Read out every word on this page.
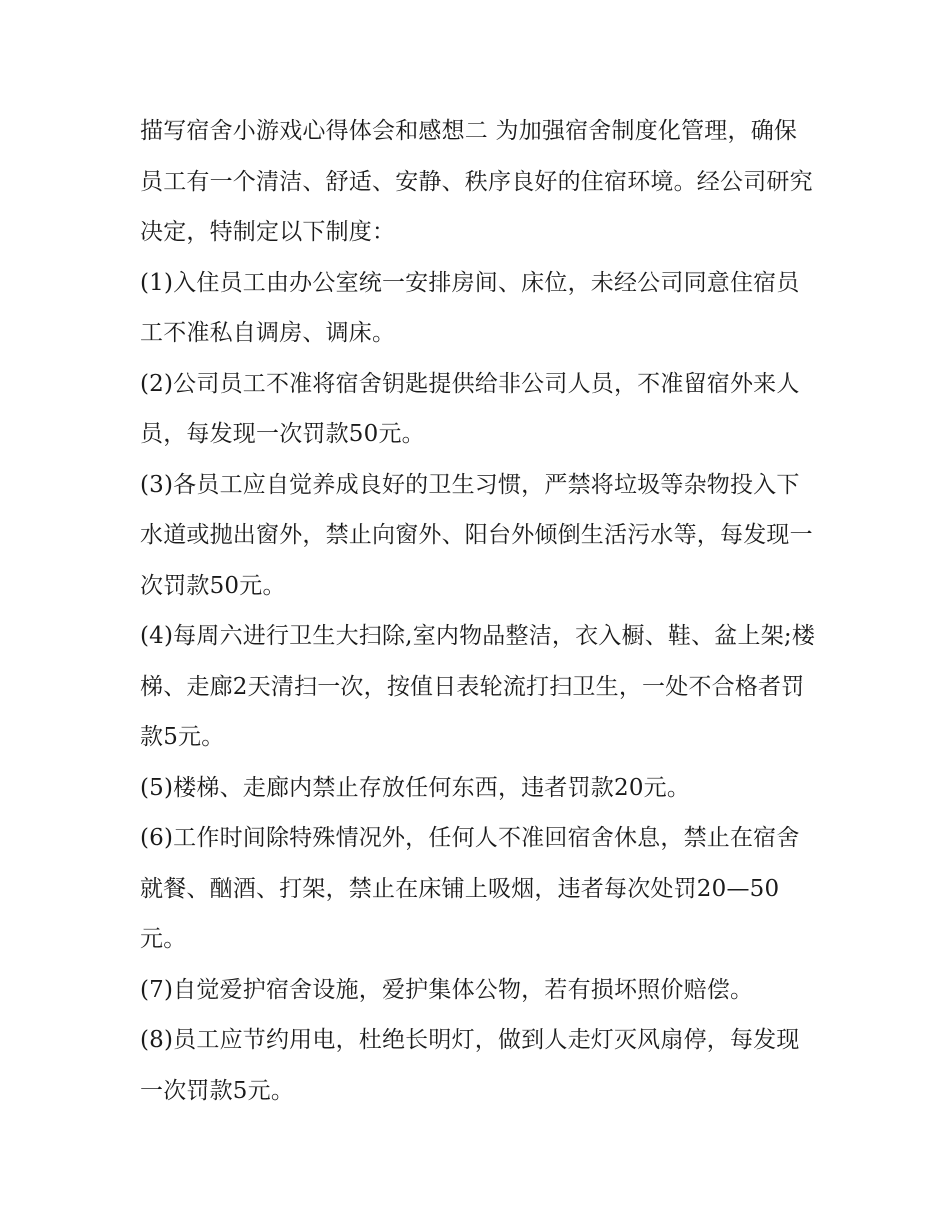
描写宿舍小游戏心得体会和感想二 为加强宿舍制度化管理，确保员工有一个清洁、舒适、安静、秩序良好的住宿环境。经公司研究决定，特制定以下制度：

(1)入住员工由办公室统一安排房间、床位，未经公司同意住宿员工不准私自调房、调床。

(2)公司员工不准将宿舍钥匙提供给非公司人员，不准留宿外来人员，每发现一次罚款50元。

(3)各员工应自觉养成良好的卫生习惯，严禁将垃圾等杂物投入下水道或抛出窗外，禁止向窗外、阳台外倾倒生活污水等，每发现一次罚款50元。

(4)每周六进行卫生大扫除,室内物品整洁，衣入橱、鞋、盆上架;楼梯、走廊2天清扫一次，按值日表轮流打扫卫生，一处不合格者罚款5元。

(5)楼梯、走廊内禁止存放任何东西，违者罚款20元。

(6)工作时间除特殊情况外，任何人不准回宿舍休息，禁止在宿舍就餐、酗酒、打架，禁止在床铺上吸烟，违者每次处罚20—50元。

(7)自觉爱护宿舍设施，爱护集体公物，若有损坏照价赔偿。

(8)员工应节约用电，杜绝长明灯，做到人走灯灭风扇停，每发现一次罚款5元。
